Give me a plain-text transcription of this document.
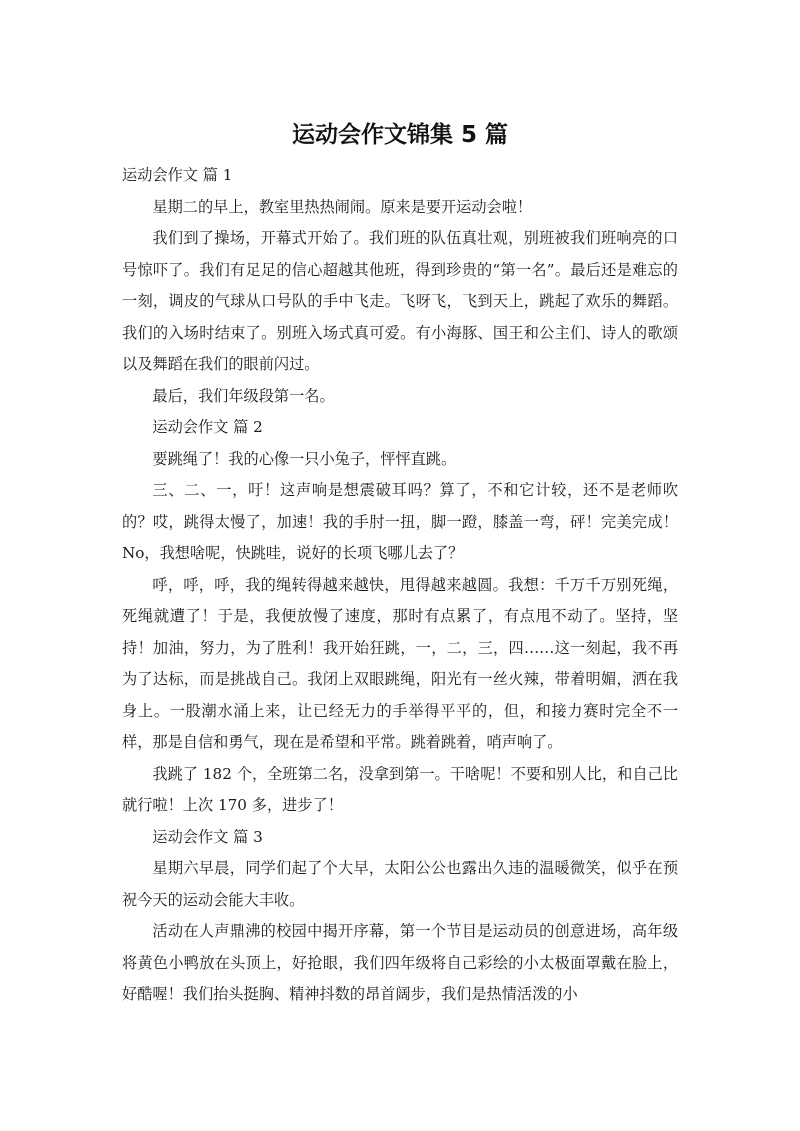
运动会作文锦集 5 篇

运动会作文 篇 1

星期二的早上，教室里热热闹闹。原来是要开运动会啦！

我们到了操场，开幕式开始了。我们班的队伍真壮观，别班被我们班响亮的口号惊吓了。我们有足足的信心超越其他班，得到珍贵的“第一名”。最后还是难忘的一刻，调皮的气球从口号队的手中飞走。飞呀飞，飞到天上，跳起了欢乐的舞蹈。我们的入场时结束了。别班入场式真可爱。有小海豚、国王和公主们、诗人的歌颂以及舞蹈在我们的眼前闪过。

最后，我们年级段第一名。

运动会作文 篇 2

要跳绳了！我的心像一只小兔子，怦怦直跳。

三、二、一，吁！这声响是想震破耳吗？算了，不和它计较，还不是老师吹的？哎，跳得太慢了，加速！我的手肘一扭，脚一蹬，膝盖一弯，砰！完美完成！No，我想啥呢，快跳哇，说好的长项飞哪儿去了？

呼，呼，呼，我的绳转得越来越快，甩得越来越圆。我想：千万千万别死绳，死绳就遭了！于是，我便放慢了速度，那时有点累了，有点甩不动了。坚持，坚持！加油，努力，为了胜利！我开始狂跳，一，二，三，四……这一刻起，我不再为了达标，而是挑战自己。我闭上双眼跳绳，阳光有一丝火辣，带着明媚，洒在我身上。一股潮水涌上来，让已经无力的手举得平平的，但，和接力赛时完全不一样，那是自信和勇气，现在是希望和平常。跳着跳着，哨声响了。

我跳了 182 个，全班第二名，没拿到第一。干啥呢！不要和别人比，和自己比就行啦！上次 170 多，进步了！

运动会作文 篇 3

星期六早晨，同学们起了个大早，太阳公公也露出久违的温暖微笑，似乎在预祝今天的运动会能大丰收。

活动在人声鼎沸的校园中揭开序幕，第一个节目是运动员的创意进场，高年级将黄色小鸭放在头顶上，好抢眼，我们四年级将自己彩绘的小太极面罩戴在脸上，好酷喔！我们抬头挺胸、精神抖数的昂首阔步，我们是热情活泼的小
